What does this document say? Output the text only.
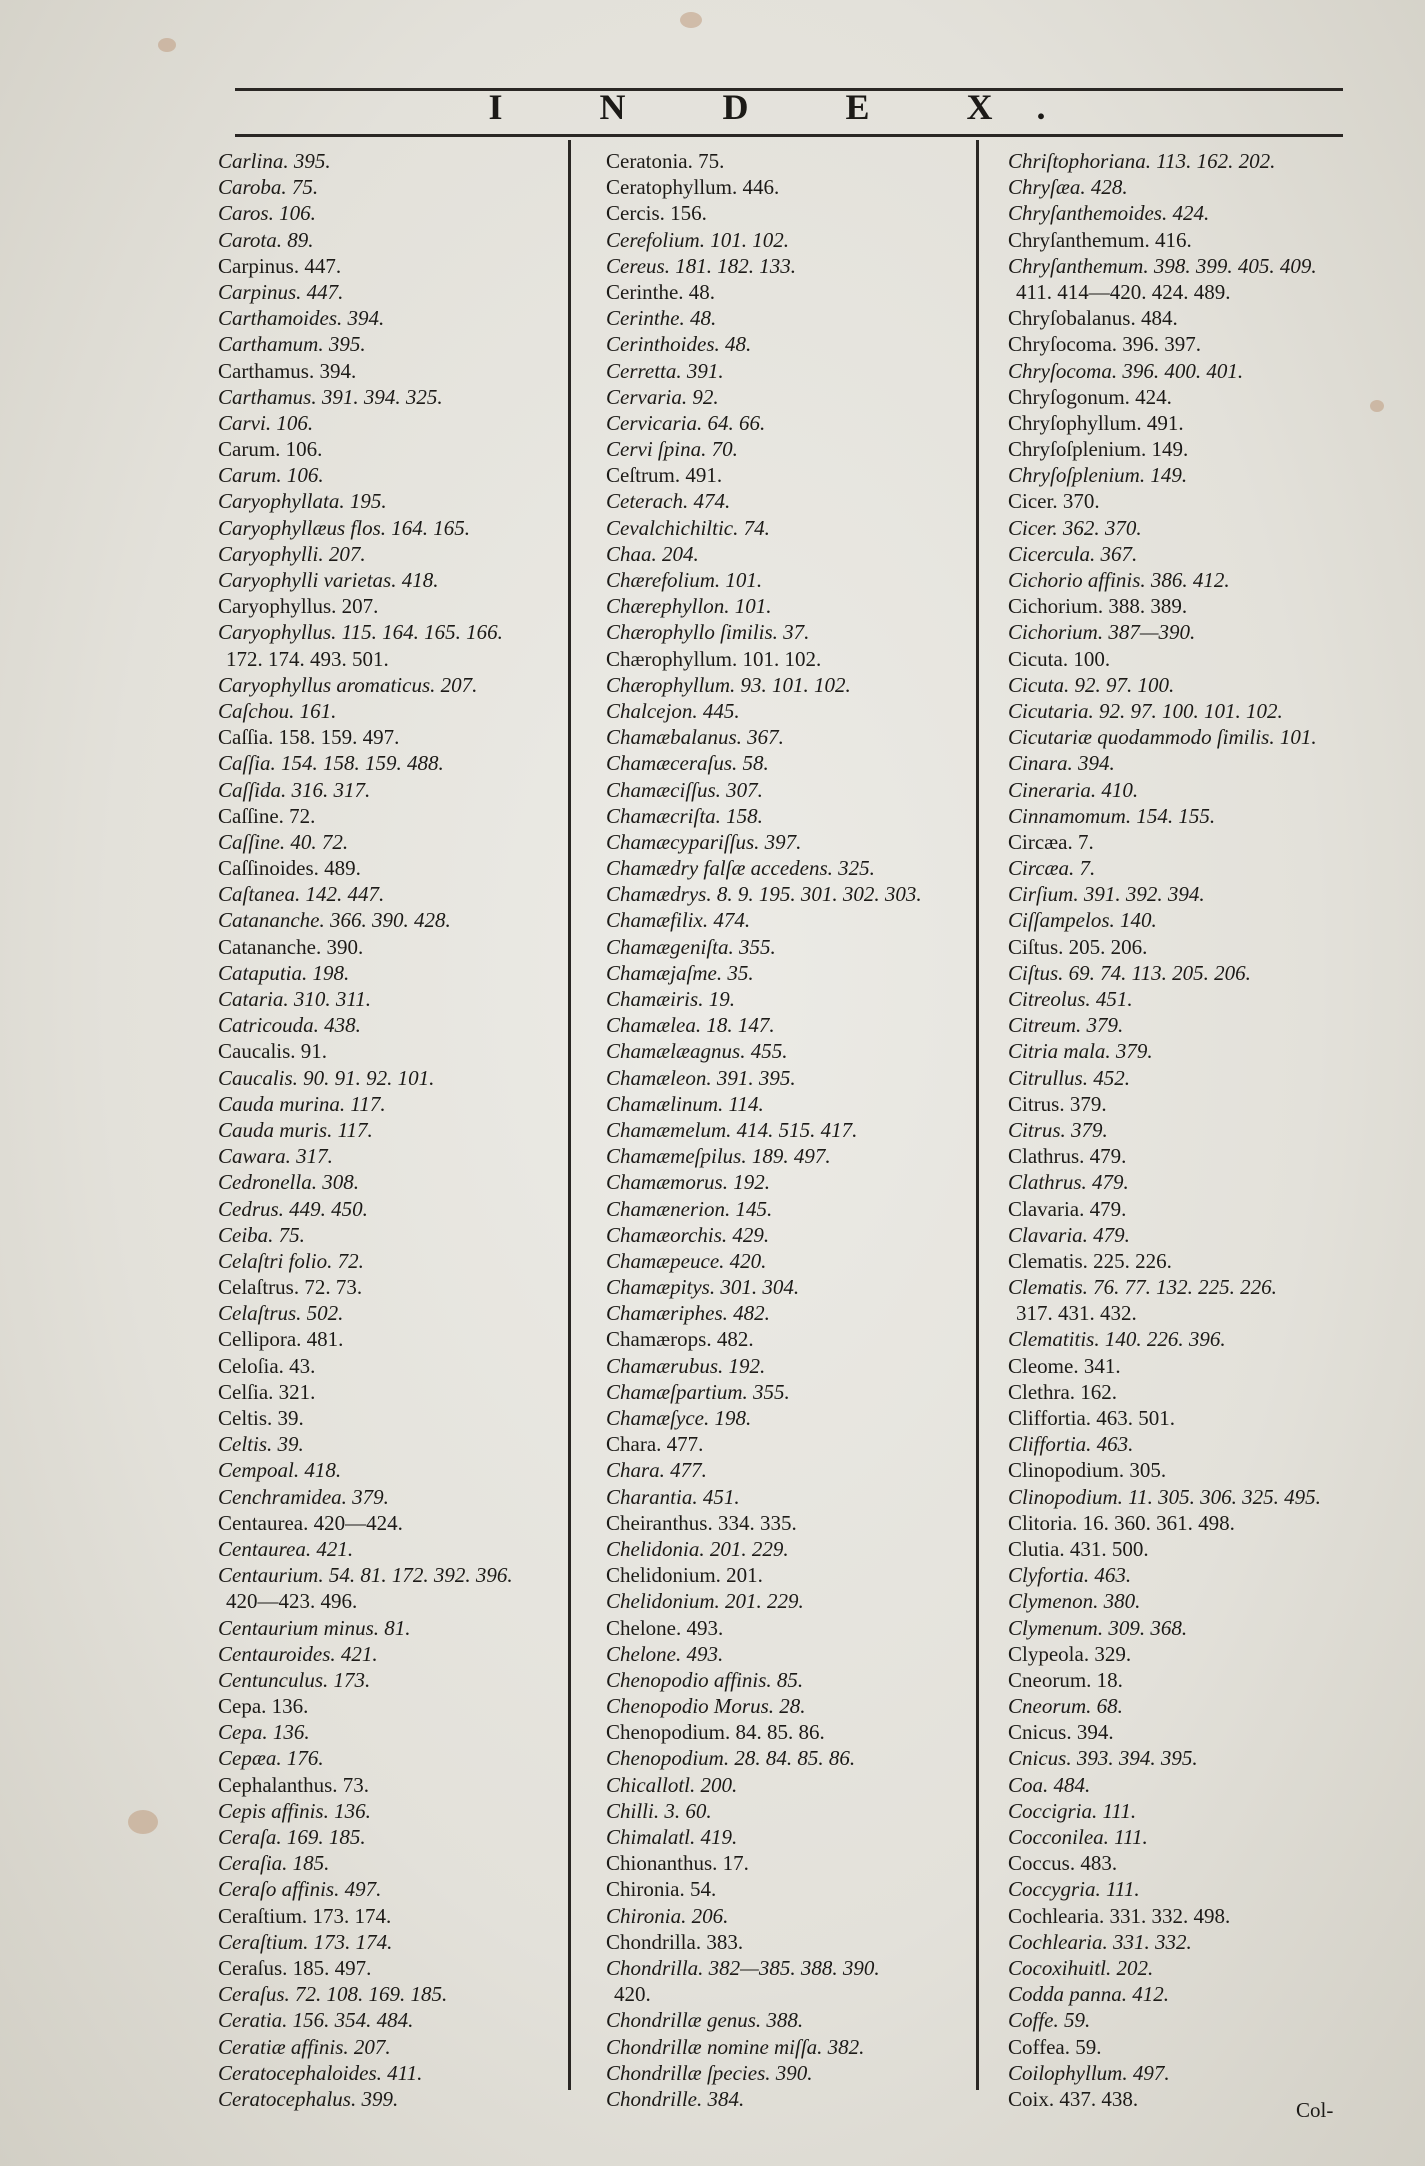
I N D E X.
Carlina. 395.
Caroba. 75.
Caros. 106.
Carota. 89.
Carpinus. 447.
Carpinus. 447.
Carthamoides. 394.
Carthamum. 395.
Carthamus. 394.
Carthamus. 391. 394. 325.
Carvi. 106.
Carum. 106.
Carum. 106.
Caryophyllata. 195.
Caryophyllæus flos. 164. 165.
Caryophylli. 207.
Caryophylli varietas. 418.
Caryophyllus. 207.
Caryophyllus. 115. 164. 165. 166.
172. 174. 493. 501.
Caryophyllus aromaticus. 207.
Caſchou. 161.
Caſſia. 158. 159. 497.
Caſſia. 154. 158. 159. 488.
Caſſida. 316. 317.
Caſſine. 72.
Caſſine. 40. 72.
Caſſinoides. 489.
Caſtanea. 142. 447.
Catananche. 366. 390. 428.
Catananche. 390.
Cataputia. 198.
Cataria. 310. 311.
Catricouda. 438.
Caucalis. 91.
Caucalis. 90. 91. 92. 101.
Cauda murina. 117.
Cauda muris. 117.
Cawara. 317.
Cedronella. 308.
Cedrus. 449. 450.
Ceiba. 75.
Celaſtri folio. 72.
Celaſtrus. 72. 73.
Celaſtrus. 502.
Cellipora. 481.
Celoſia. 43.
Celſia. 321.
Celtis. 39.
Celtis. 39.
Cempoal. 418.
Cenchramidea. 379.
Centaurea. 420—424.
Centaurea. 421.
Centaurium. 54. 81. 172. 392. 396.
420—423. 496.
Centaurium minus. 81.
Centauroides. 421.
Centunculus. 173.
Cepa. 136.
Cepa. 136.
Cepæa. 176.
Cephalanthus. 73.
Cepis affinis. 136.
Ceraſa. 169. 185.
Ceraſia. 185.
Ceraſo affinis. 497.
Ceraſtium. 173. 174.
Ceraſtium. 173. 174.
Ceraſus. 185. 497.
Ceraſus. 72. 108. 169. 185.
Ceratia. 156. 354. 484.
Ceratiæ affinis. 207.
Ceratocephaloides. 411.
Ceratocephalus. 399.
Ceratonia. 75.
Ceratophyllum. 446.
Cercis. 156.
Cerefolium. 101. 102.
Cereus. 181. 182. 133.
Cerinthe. 48.
Cerinthe. 48.
Cerinthoides. 48.
Cerretta. 391.
Cervaria. 92.
Cervicaria. 64. 66.
Cervi ſpina. 70.
Ceſtrum. 491.
Ceterach. 474.
Cevalchichiltic. 74.
Chaa. 204.
Chærefolium. 101.
Chærephyllon. 101.
Chærophyllo ſimilis. 37.
Chærophyllum. 101. 102.
Chærophyllum. 93. 101. 102.
Chalcejon. 445.
Chamæbalanus. 367.
Chamæceraſus. 58.
Chamæciſſus. 307.
Chamæcriſta. 158.
Chamæcypariſſus. 397.
Chamædry falſæ accedens. 325.
Chamædrys. 8. 9. 195. 301. 302. 303.
Chamæfilix. 474.
Chamægeniſta. 355.
Chamæjaſme. 35.
Chamæiris. 19.
Chamælea. 18. 147.
Chamælæagnus. 455.
Chamæleon. 391. 395.
Chamælinum. 114.
Chamæmelum. 414. 515. 417.
Chamæmeſpilus. 189. 497.
Chamæmorus. 192.
Chamænerion. 145.
Chamæorchis. 429.
Chamæpeuce. 420.
Chamæpitys. 301. 304.
Chamæriphes. 482.
Chamærops. 482.
Chamærubus. 192.
Chamæſpartium. 355.
Chamæſyce. 198.
Chara. 477.
Chara. 477.
Charantia. 451.
Cheiranthus. 334. 335.
Chelidonia. 201. 229.
Chelidonium. 201.
Chelidonium. 201. 229.
Chelone. 493.
Chelone. 493.
Chenopodio affinis. 85.
Chenopodio Morus. 28.
Chenopodium. 84. 85. 86.
Chenopodium. 28. 84. 85. 86.
Chicallotl. 200.
Chilli. 3. 60.
Chimalatl. 419.
Chionanthus. 17.
Chironia. 54.
Chironia. 206.
Chondrilla. 383.
Chondrilla. 382—385. 388. 390.
420.
Chondrillæ genus. 388.
Chondrillæ nomine miſſa. 382.
Chondrillæ ſpecies. 390.
Chondrille. 384.
Chriſtophoriana. 113. 162. 202.
Chryſæa. 428.
Chryſanthemoides. 424.
Chryſanthemum. 416.
Chryſanthemum. 398. 399. 405. 409.
411. 414—420. 424. 489.
Chryſobalanus. 484.
Chryſocoma. 396. 397.
Chryſocoma. 396. 400. 401.
Chryſogonum. 424.
Chryſophyllum. 491.
Chryſoſplenium. 149.
Chryſoſplenium. 149.
Cicer. 370.
Cicer. 362. 370.
Cicercula. 367.
Cichorio affinis. 386. 412.
Cichorium. 388. 389.
Cichorium. 387—390.
Cicuta. 100.
Cicuta. 92. 97. 100.
Cicutaria. 92. 97. 100. 101. 102.
Cicutariæ quodammodo ſimilis. 101.
Cinara. 394.
Cineraria. 410.
Cinnamomum. 154. 155.
Circæa. 7.
Circæa. 7.
Cirſium. 391. 392. 394.
Ciſſampelos. 140.
Ciſtus. 205. 206.
Ciſtus. 69. 74. 113. 205. 206.
Citreolus. 451.
Citreum. 379.
Citria mala. 379.
Citrullus. 452.
Citrus. 379.
Citrus. 379.
Clathrus. 479.
Clathrus. 479.
Clavaria. 479.
Clavaria. 479.
Clematis. 225. 226.
Clematis. 76. 77. 132. 225. 226.
317. 431. 432.
Clematitis. 140. 226. 396.
Cleome. 341.
Clethra. 162.
Cliffortia. 463. 501.
Cliffortia. 463.
Clinopodium. 305.
Clinopodium. 11. 305. 306. 325. 495.
Clitoria. 16. 360. 361. 498.
Clutia. 431. 500.
Clyfortia. 463.
Clymenon. 380.
Clymenum. 309. 368.
Clypeola. 329.
Cneorum. 18.
Cneorum. 68.
Cnicus. 394.
Cnicus. 393. 394. 395.
Coa. 484.
Coccigria. 111.
Cocconilea. 111.
Coccus. 483.
Coccygria. 111.
Cochlearia. 331. 332. 498.
Cochlearia. 331. 332.
Cocoxihuitl. 202.
Codda panna. 412.
Coffe. 59.
Coffea. 59.
Coilophyllum. 497.
Coix. 437. 438.	Col-
